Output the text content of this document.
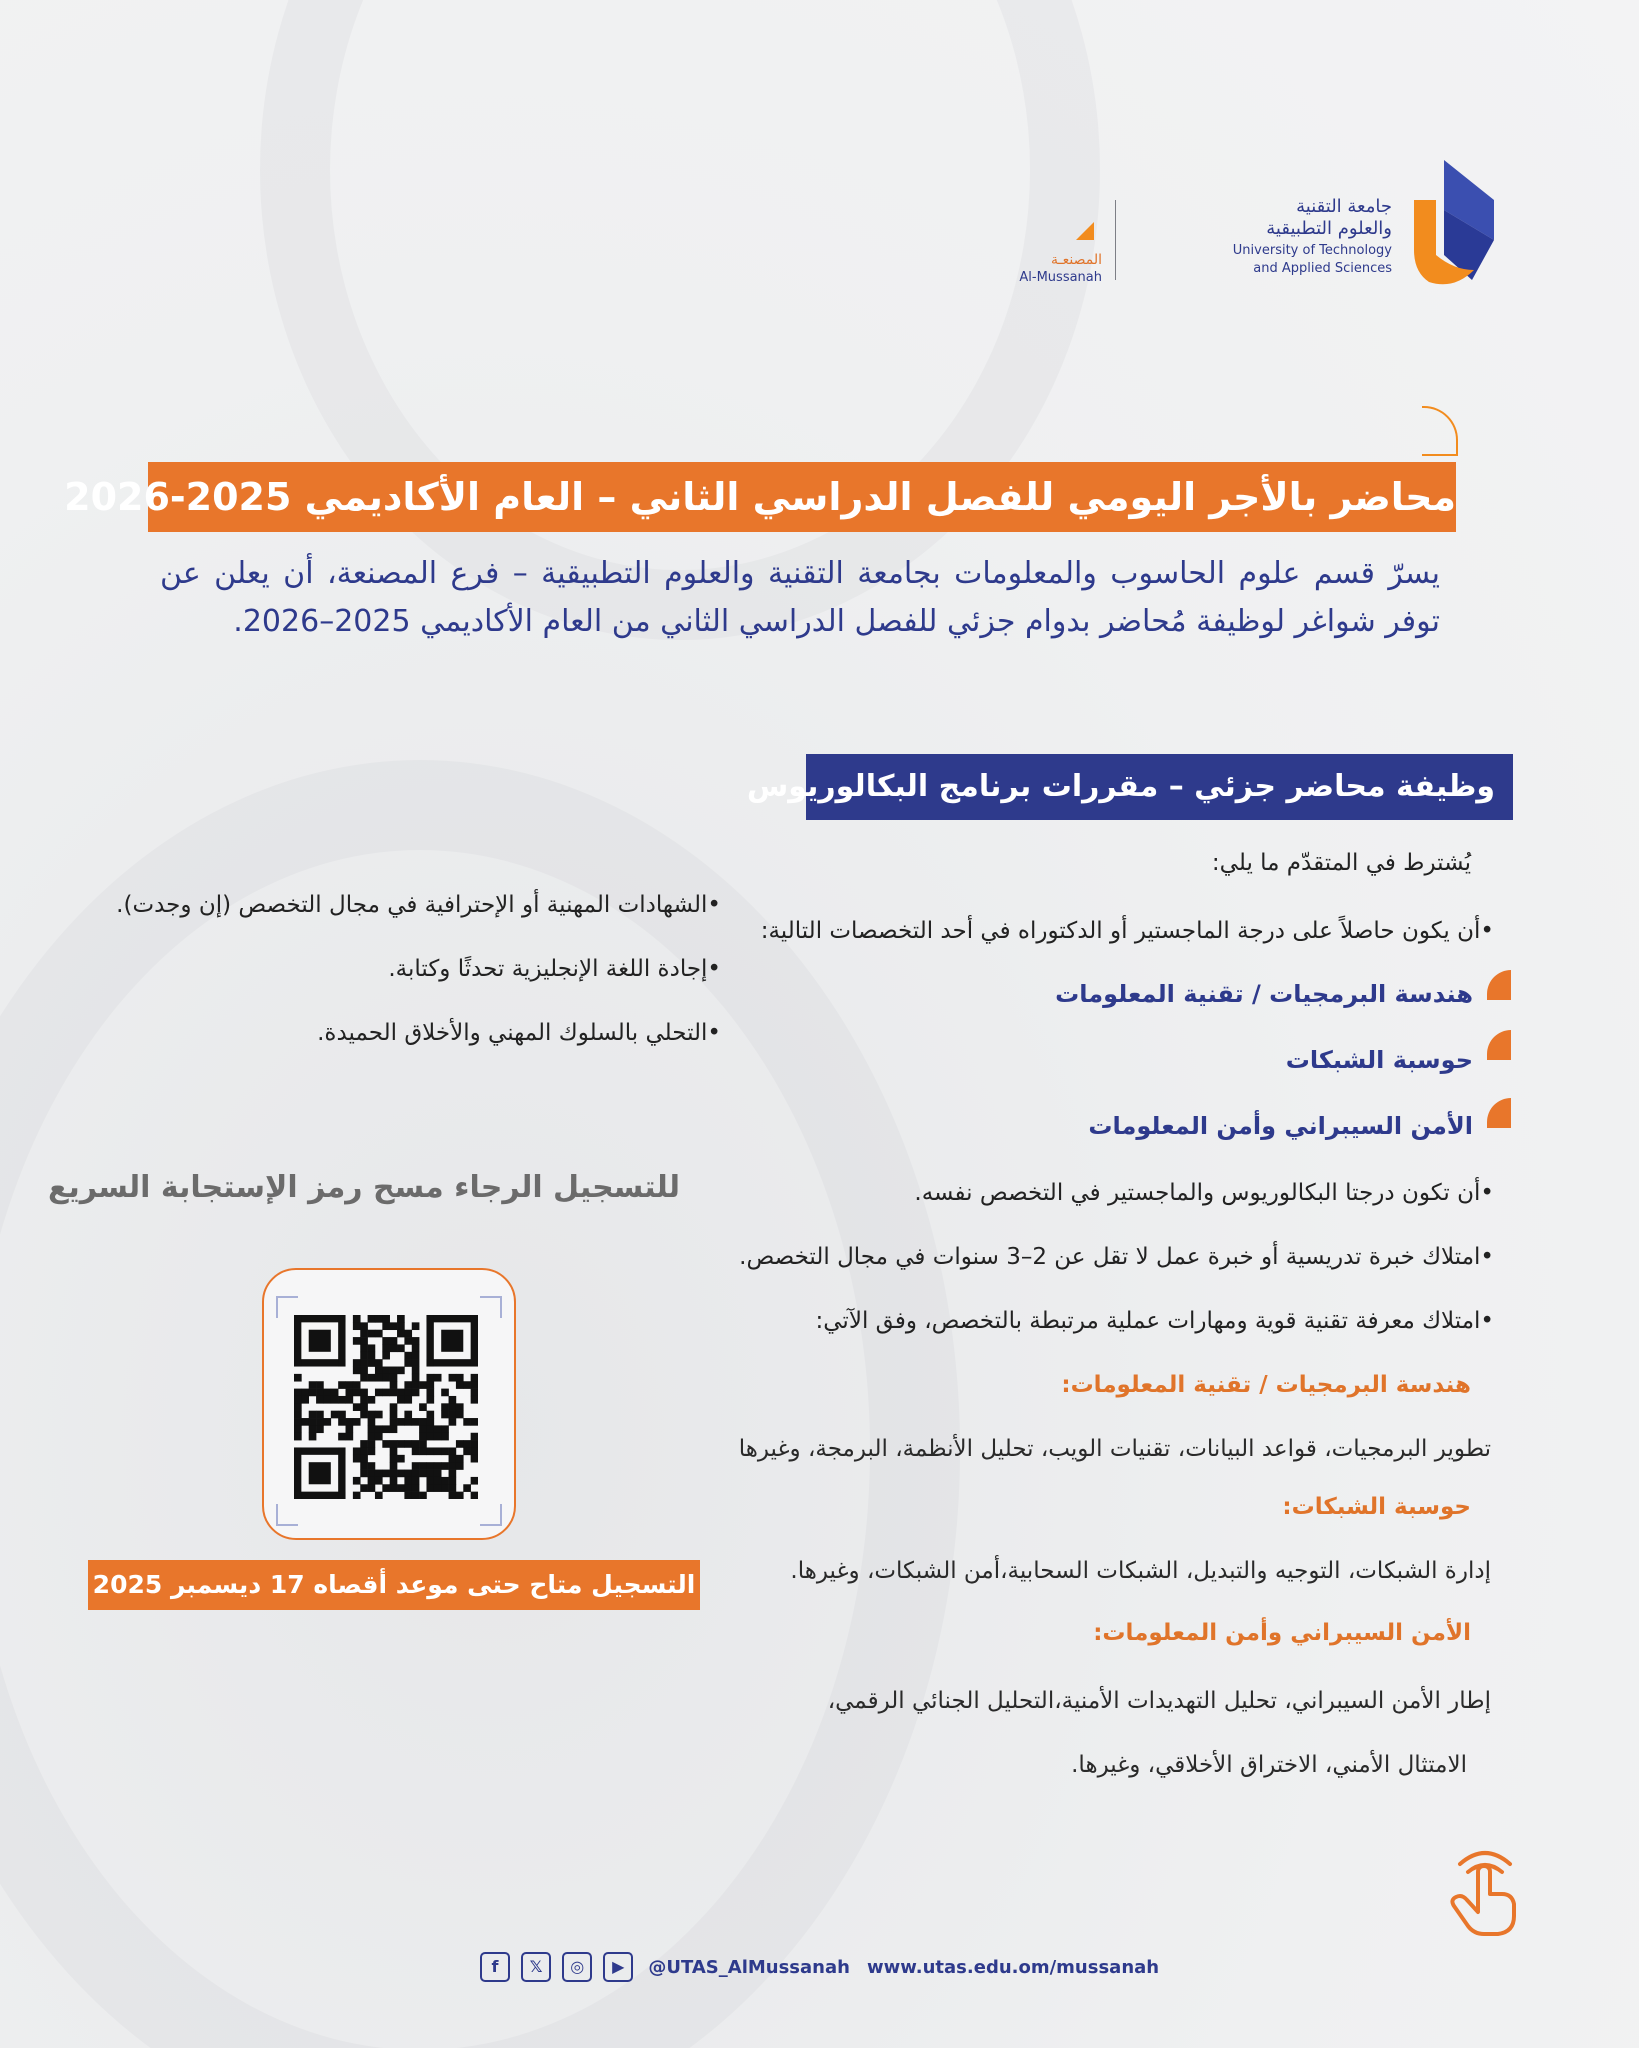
جامعة التقنية
والعلوم التطبيقية
University of Technology
and Applied Sciences
المصنعـة
Al-Mussanah
محاضر بالأجر اليومي للفصل الدراسي الثاني – العام الأكاديمي 2025-2026
يسرّ قسم علوم الحاسوب والمعلومات بجامعة التقنية والعلوم التطبيقية – فرع المصنعة، أن يعلن عن توفر شواغر لوظيفة مُحاضر بدوام جزئي للفصل الدراسي الثاني من العام الأكاديمي 2025–2026.
وظيفة محاضر جزئي – مقررات برنامج البكالوريوس
يُشترط في المتقدّم ما يلي:
•أن يكون حاصلاً على درجة الماجستير أو الدكتوراه في أحد التخصصات التالية:
هندسة البرمجيات / تقنية المعلومات
حوسبة الشبكات
الأمن السيبراني وأمن المعلومات
•أن تكون درجتا البكالوريوس والماجستير في التخصص نفسه.
•امتلاك خبرة تدريسية أو خبرة عمل لا تقل عن 2–3 سنوات في مجال التخصص.
•امتلاك معرفة تقنية قوية ومهارات عملية مرتبطة بالتخصص، وفق الآتي:
هندسة البرمجيات / تقنية المعلومات:
تطوير البرمجيات، قواعد البيانات، تقنيات الويب، تحليل الأنظمة، البرمجة، وغيرها
حوسبة الشبكات:
إدارة الشبكات، التوجيه والتبديل، الشبكات السحابية،أمن الشبكات، وغيرها.
الأمن السيبراني وأمن المعلومات:
إطار الأمن السيبراني، تحليل التهديدات الأمنية،التحليل الجنائي الرقمي،
الامتثال الأمني، الاختراق الأخلاقي، وغيرها.
•الشهادات المهنية أو الإحترافية في مجال التخصص (إن وجدت).
•إجادة اللغة الإنجليزية تحدثًا وكتابة.
•التحلي بالسلوك المهني والأخلاق الحميدة.
للتسجيل الرجاء مسح رمز الإستجابة السريع
التسجيل متاح حتى موعد أقصاه 17 ديسمبر 2025
f 𝕏 ◎ ▶ @UTAS_AlMussanah www.utas.edu.om/mussanah
